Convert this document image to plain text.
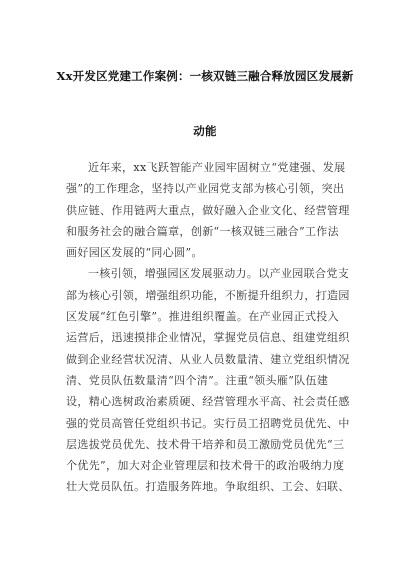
Xx开发区党建工作案例：一核双链三融合释放园区发展新
动能
近年来，xx飞跃智能产业园牢固树立“党建强、发展
强”的工作理念，坚持以产业园党支部为核心引领，突出
供应链、作用链两大重点，做好融入企业文化、经营管理
和服务社会的融合篇章，创新“一核双链三融合”工作法
画好园区发展的“同心圆”。
一核引领，增强园区发展驱动力。以产业园联合党支
部为核心引领，增强组织功能，不断提升组织力，打造园
区发展“红色引擎”。推进组织覆盖。在产业园正式投入
运营后，迅速摸排企业情况，掌握党员信息、组建党组织
做到企业经营状况清、从业人员数量清、建立党组织情况
清、党员队伍数量清“四个清”。注重“领头雁”队伍建
设，精心选树政治素质硬、经营管理水平高、社会责任感
强的党员高管任党组织书记。实行员工招聘党员优先、中
层选拔党员优先、技术骨干培养和员工激励党员优先“三
个优先”，加大对企业管理层和技术骨干的政治吸纳力度
壮大党员队伍。打造服务阵地。争取组织、工会、妇联、
